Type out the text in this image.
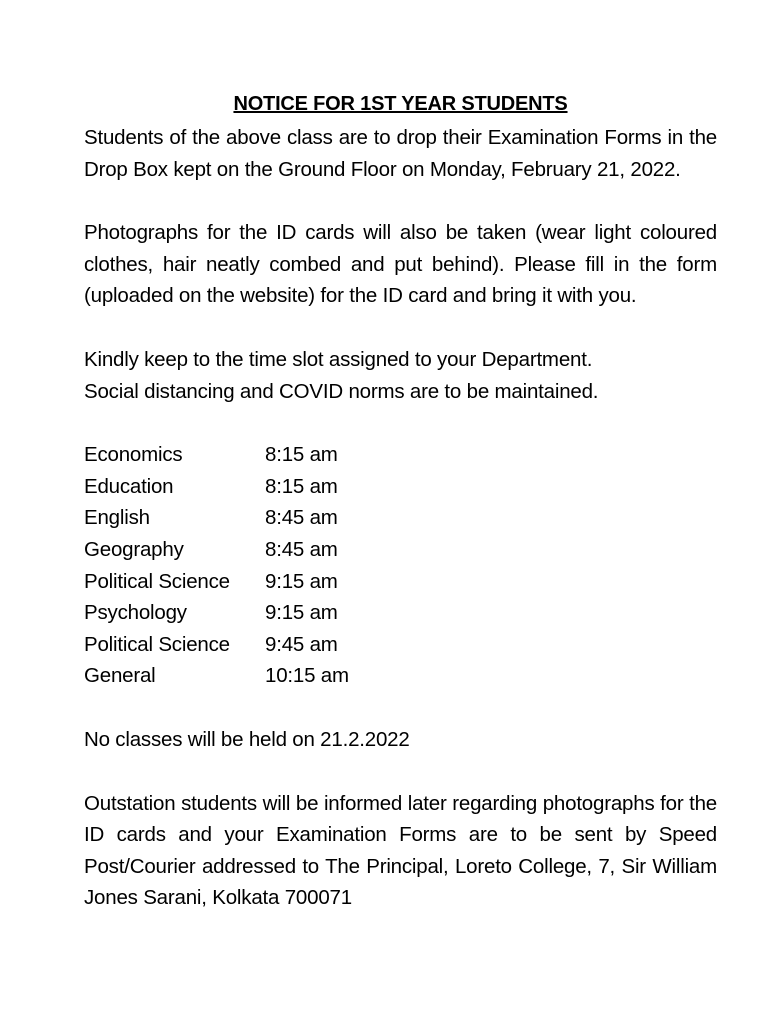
NOTICE FOR 1ST YEAR STUDENTS

Students of the above class are to drop their Examination Forms in the Drop Box kept on the Ground Floor on Monday, February 21, 2022.

Photographs for the ID cards will also be taken (wear light coloured clothes, hair neatly combed and put behind). Please fill in the form (uploaded on the website) for the ID card and bring it with you.

Kindly keep to the time slot assigned to your Department.
Social distancing and COVID norms are to be maintained.

Economics	8:15 am
Education	8:15 am
English	8:45 am
Geography	8:45 am
Political Science	9:15 am
Psychology	9:15 am
Political Science	9:45 am
General	10:15 am

No classes will be held on 21.2.2022

Outstation students will be informed later regarding photographs for the ID cards and your Examination Forms are to be sent by Speed Post/Courier addressed to The Principal, Loreto College, 7, Sir William Jones Sarani, Kolkata 700071
